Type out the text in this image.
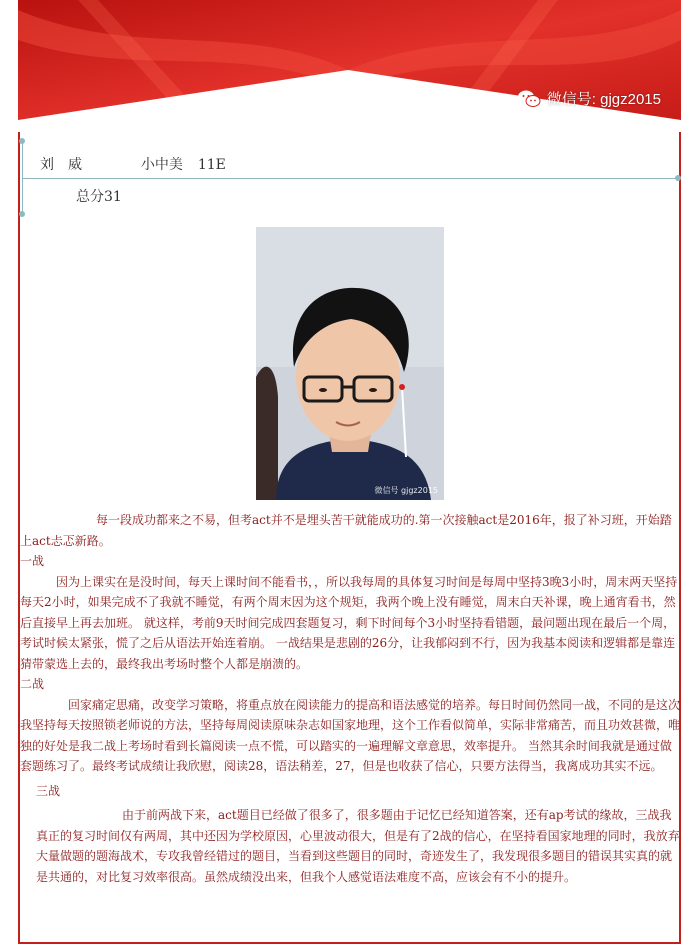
微信号: gjgz2015
刘　威	小中美 11E
总分31
微信号 gjgz2015

每一段成功都来之不易，但考act并不是埋头苦干就能成功的.第一次接触act是2016年，报了补习班，开始踏上act忐忑新路。

一战

因为上课实在是没时间，每天上课时间不能看书，，所以我每周的具体复习时间是每周中坚持3晚3小时，周末两天坚持每天2小时，如果完成不了我就不睡觉，有两个周末因为这个规矩，我两个晚上没有睡觉，周末白天补课，晚上通宵看书，然后直接早上再去加班。 就这样，考前9天时间完成四套题复习，剩下时间每个3小时坚持看错题，最问题出现在最后一个周，考试时候太紧张，慌了之后从语法开始连着崩。 一战结果是悲剧的26分，让我郁闷到不行，因为我基本阅读和逻辑都是靠连猜带蒙选上去的，最终我出考场时整个人都是崩溃的。

二战

回家痛定思痛，改变学习策略，将重点放在阅读能力的提高和语法感觉的培养。每日时间仍然同一战，不同的是这次我坚持每天按照锁老师说的方法，坚持每周阅读原味杂志如国家地理，这个工作看似简单，实际非常痛苦，而且功效甚微，唯独的好处是我二战上考场时看到长篇阅读一点不慌，可以踏实的一遍理解文章意思，效率提升。 当然其余时间我就是通过做套题练习了。最终考试成绩让我欣慰，阅读28，语法稍差，27，但是也收获了信心，只要方法得当，我离成功其实不远。

三战

由于前两战下来，act题目已经做了很多了，很多题由于记忆已经知道答案，还有ap考试的缘故，三战我真正的复习时间仅有两周，其中还因为学校原因，心里波动很大，但是有了2战的信心，在坚持看国家地理的同时，我放弃大量做题的题海战术，专攻我曾经错过的题目，当看到这些题目的同时，奇迹发生了，我发现很多题目的错误其实真的就是共通的，对比复习效率很高。虽然成绩没出来，但我个人感觉语法难度不高，应该会有不小的提升。
